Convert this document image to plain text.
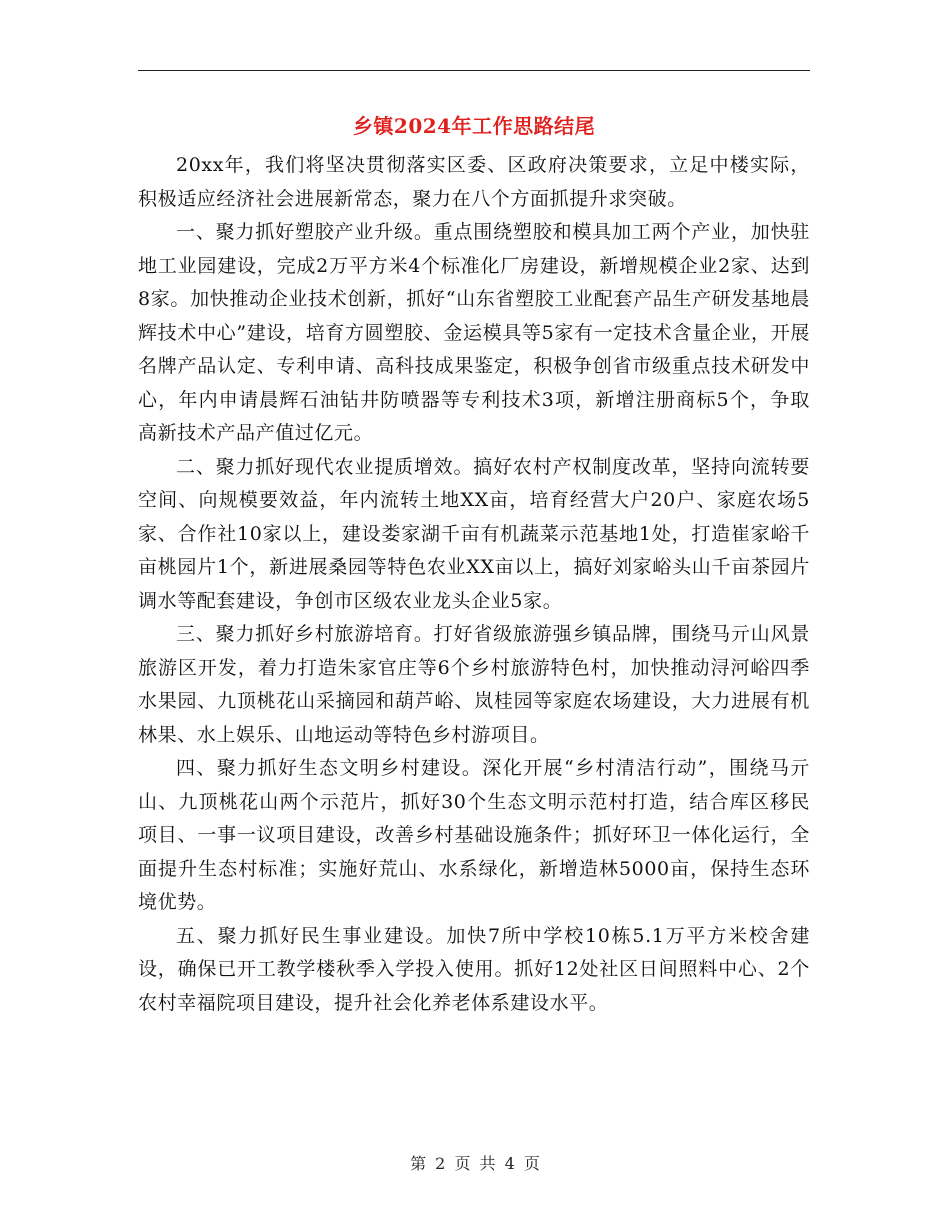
乡镇2024年工作思路结尾

20xx年，我们将坚决贯彻落实区委、区政府决策要求，立足中楼实际，积极适应经济社会进展新常态，聚力在八个方面抓提升求突破。

一、聚力抓好塑胶产业升级。重点围绕塑胶和模具加工两个产业，加快驻地工业园建设，完成2万平方米4个标准化厂房建设，新增规模企业2家、达到8家。加快推动企业技术创新，抓好“山东省塑胶工业配套产品生产研发基地晨辉技术中心”建设，培育方圆塑胶、金运模具等5家有一定技术含量企业，开展名牌产品认定、专利申请、高科技成果鉴定，积极争创省市级重点技术研发中心，年内申请晨辉石油钻井防喷器等专利技术3项，新增注册商标5个，争取高新技术产品产值过亿元。

二、聚力抓好现代农业提质增效。搞好农村产权制度改革，坚持向流转要空间、向规模要效益，年内流转土地XX亩，培育经营大户20户、家庭农场5家、合作社10家以上，建设娄家湖千亩有机蔬菜示范基地1处，打造崔家峪千亩桃园片1个，新进展桑园等特色农业XX亩以上，搞好刘家峪头山千亩茶园片调水等配套建设，争创市区级农业龙头企业5家。

三、聚力抓好乡村旅游培育。打好省级旅游强乡镇品牌，围绕马亓山风景旅游区开发，着力打造朱家官庄等6个乡村旅游特色村，加快推动浔河峪四季水果园、九顶桃花山采摘园和葫芦峪、岚桂园等家庭农场建设，大力进展有机林果、水上娱乐、山地运动等特色乡村游项目。

四、聚力抓好生态文明乡村建设。深化开展“乡村清洁行动”，围绕马亓山、九顶桃花山两个示范片，抓好30个生态文明示范村打造，结合库区移民项目、一事一议项目建设，改善乡村基础设施条件；抓好环卫一体化运行，全面提升生态村标准；实施好荒山、水系绿化，新增造林5000亩，保持生态环境优势。

五、聚力抓好民生事业建设。加快7所中学校10栋5.1万平方米校舍建设，确保已开工教学楼秋季入学投入使用。抓好12处社区日间照料中心、2个农村幸福院项目建设，提升社会化养老体系建设水平。

第 2 页 共 4 页
